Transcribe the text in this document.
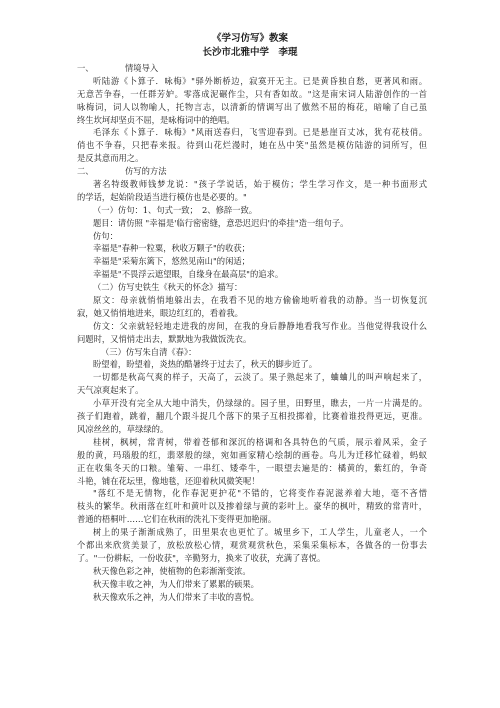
《学习仿写》教案
长沙市北雅中学　李琨
一、	情境导入
听陆游《卜算子．咏梅》"驿外断桥边，寂寞开无主。已是黄昏独自愁，更著风和雨。
无意苦争春，一任群芳妒。零落成泥碾作尘，只有香如故。"这是南宋词人陆游创作的一首
咏梅词，词人以物喻人，托物言志，以清新的情调写出了傲然不屈的梅花，暗喻了自己虽
终生坎坷却坚贞不屈，是咏梅词中的绝唱。
毛泽东《卜算子．咏梅》"风雨送春归，飞雪迎春到。已是悬崖百丈冰，犹有花枝俏。
俏也不争春，只把春来报。待到山花烂漫时，她在丛中笑"虽然是模仿陆游的词所写，但
是反其意而用之。
二、	仿写的方法
著名特级教师钱梦龙说："孩子学说话，始于模仿；学生学习作文，是一种书面形式
的学话，起始阶段适当进行模仿也是必要的。"
（一）仿句：1、句式一致；　2、修辞一致。
题目：请仿照 "幸福是'临行密密缝，意恐迟迟归'的牵挂"造一组句子。
仿句：
幸福是"春种一粒粟，秋收万颗子"的收获；
幸福是"采菊东篱下，悠然见南山"的闲适；
幸福是"不畏浮云遮望眼，自缘身在最高层"的追求。
（二）仿写史铁生《秋天的怀念》描写：
原文：母亲就悄悄地躲出去，在我看不见的地方偷偷地听着我的动静。当一切恢复沉
寂，她又悄悄地进来，眼边红红的，看着我。
仿文：父亲就轻轻地走进我的房间，在我的身后静静地看我写作业。当他觉得我设什么
问题时，又悄悄走出去，默默地为我做饭洗衣。
（三）仿写朱自清《春》：
盼望着，盼望着，炎热的酷暑终于过去了，秋天的脚步近了。
一切都是秋高气爽的样子，天高了，云淡了。果子熟起来了，蛐蛐儿的叫声响起来了，
天气凉爽起来了。
小草开没有完全从大地中消失，仍绿绿的。园子里，田野里，瞧去，一片一片满是的。
孩子们跑着，跳着，翻几个跟斗捉几个落下的果子互相投掷着，比赛着谁投得更远，更准。
风凉丝丝的，草绿绿的。
桂树，枫树，常青树，带着苍郁和深沉的格调和各具特色的气质，展示着风采，金子
般的黄，玛瑙般的红，翡翠般的绿，宛如画家精心绘制的画卷。鸟儿为迁移忙碌着，蚂蚁
正在收集冬天的口粮。雏菊、一串红、矮牵牛，一眼望去遍是的：橘黄的，紫红的，争奇
斗艳，铺在花坛里，像地毯，还迎着秋风微笑呢！
"落红不是无情物，化作春泥更护花"不错的，它将变作春泥滋养着大地，毫不吝惜
枝头的繁华。秋雨落在红叶和黄叶以及掺着绿与黄的彩叶上。豪华的枫叶，精致的常青叶，
普通的梧桐叶……它们在秋雨的洗礼下变得更加艳丽。
树上的果子渐渐成熟了，田里果农也更忙了。城里乡下，工人学生，儿童老人，一个
个都出来欣赏美景了，放松放松心情，观赏观赏秋色，采集采集标本，各做各的一份事去
了。"一份耕耘，一份收获"，辛勤努力，换来了收获，充满了喜悦。
秋天像色彩之神，使植物的色彩渐渐变浓。
秋天像丰收之神，为人们带来了累累的硕果。
秋天像欢乐之神，为人们带来了丰收的喜悦。
